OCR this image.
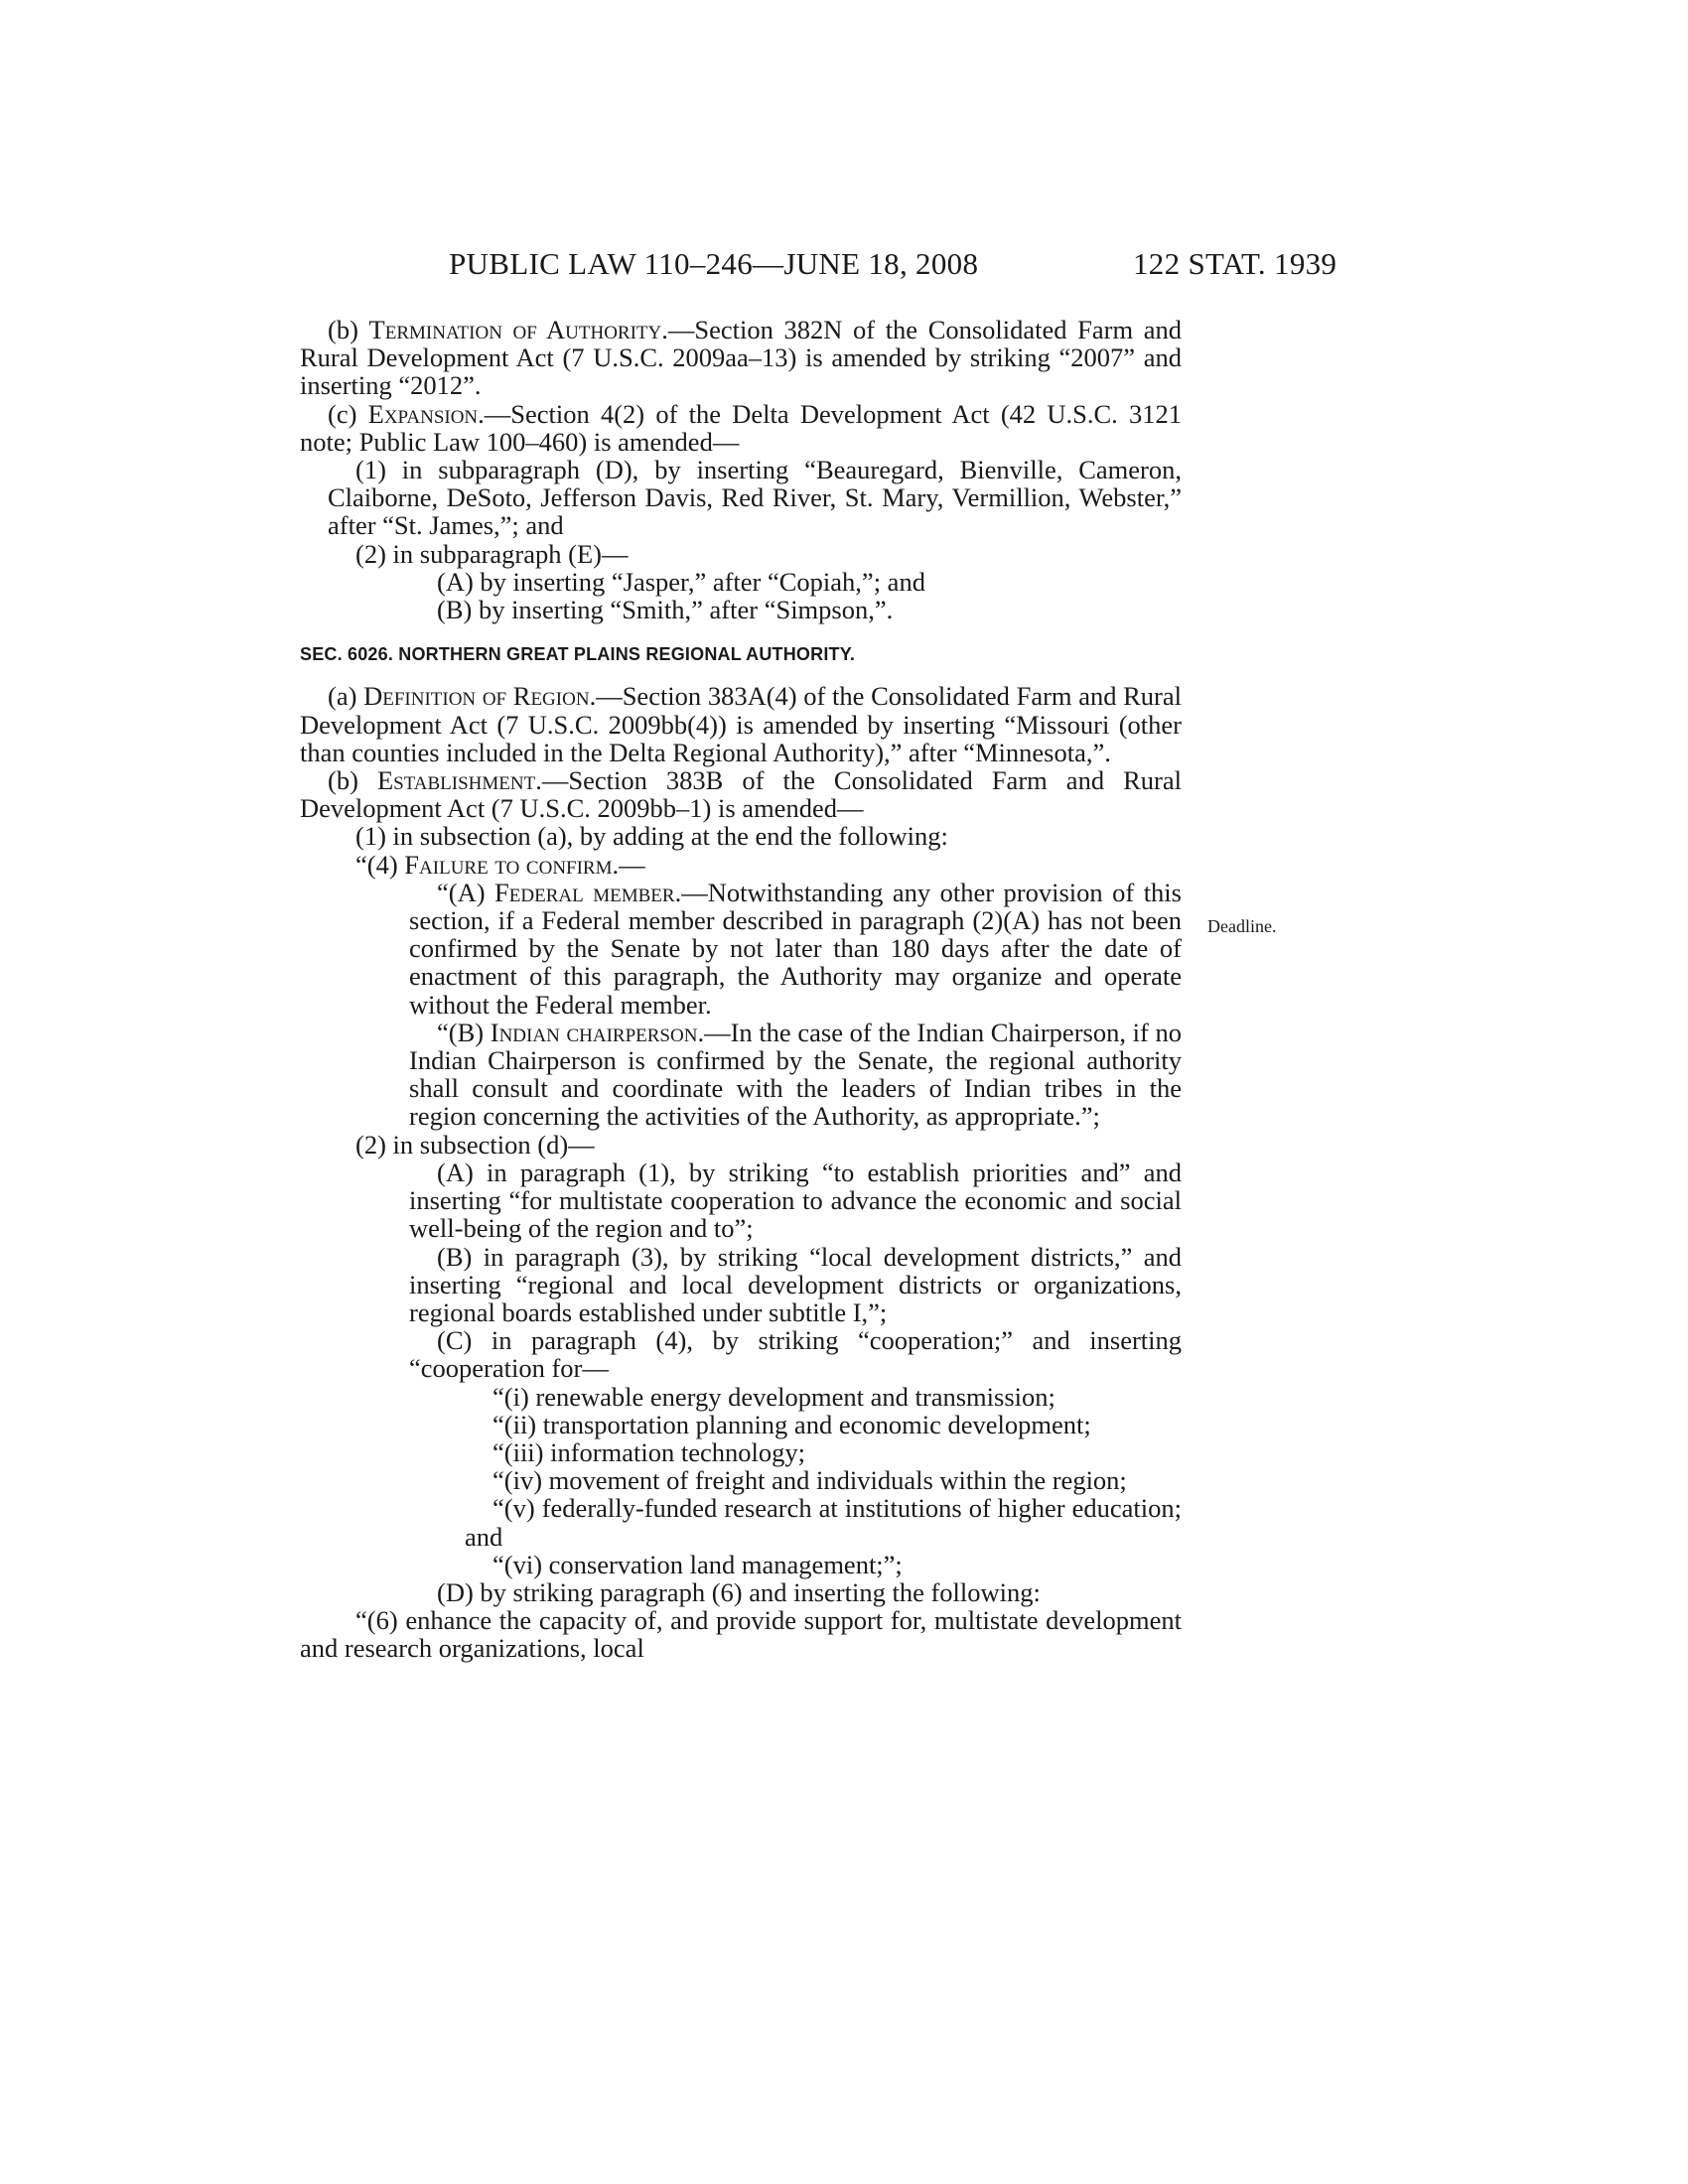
PUBLIC LAW 110–246—JUNE 18, 2008	122 STAT. 1939

(b) Termination of Authority.—Section 382N of the Consolidated Farm and Rural Development Act (7 U.S.C. 2009aa–13) is amended by striking “2007” and inserting “2012”.

(c) Expansion.—Section 4(2) of the Delta Development Act (42 U.S.C. 3121 note; Public Law 100–460) is amended—

(1) in subparagraph (D), by inserting “Beauregard, Bienville, Cameron, Claiborne, DeSoto, Jefferson Davis, Red River, St. Mary, Vermillion, Webster,” after “St. James,”; and

(2) in subparagraph (E)—

(A) by inserting “Jasper,” after “Copiah,”; and

(B) by inserting “Smith,” after “Simpson,”.

SEC. 6026. NORTHERN GREAT PLAINS REGIONAL AUTHORITY.

(a) Definition of Region.—Section 383A(4) of the Consolidated Farm and Rural Development Act (7 U.S.C. 2009bb(4)) is amended by inserting “Missouri (other than counties included in the Delta Regional Authority),” after “Minnesota,”.

(b) Establishment.—Section 383B of the Consolidated Farm and Rural Development Act (7 U.S.C. 2009bb–1) is amended—

(1) in subsection (a), by adding at the end the following:

“(4) Failure to confirm.—

“(A) Federal member.—Notwithstanding any other provision of this section, if a Federal member described in paragraph (2)(A) has not been confirmed by the Senate by not later than 180 days after the date of enactment of this paragraph, the Authority may organize and operate without the Federal member.

“(B) Indian chairperson.—In the case of the Indian Chairperson, if no Indian Chairperson is confirmed by the Senate, the regional authority shall consult and coordinate with the leaders of Indian tribes in the region concerning the activities of the Authority, as appropriate.”;

(2) in subsection (d)—

(A) in paragraph (1), by striking “to establish priorities and” and inserting “for multistate cooperation to advance the economic and social well-being of the region and to”;

(B) in paragraph (3), by striking “local development districts,” and inserting “regional and local development districts or organizations, regional boards established under subtitle I,”;

(C) in paragraph (4), by striking “cooperation;” and inserting “cooperation for—

“(i) renewable energy development and transmission;

“(ii) transportation planning and economic development;

“(iii) information technology;

“(iv) movement of freight and individuals within the region;

“(v) federally-funded research at institutions of higher education; and

“(vi) conservation land management;”;

(D) by striking paragraph (6) and inserting the following:

“(6) enhance the capacity of, and provide support for, multistate development and research organizations, local

Deadline.
